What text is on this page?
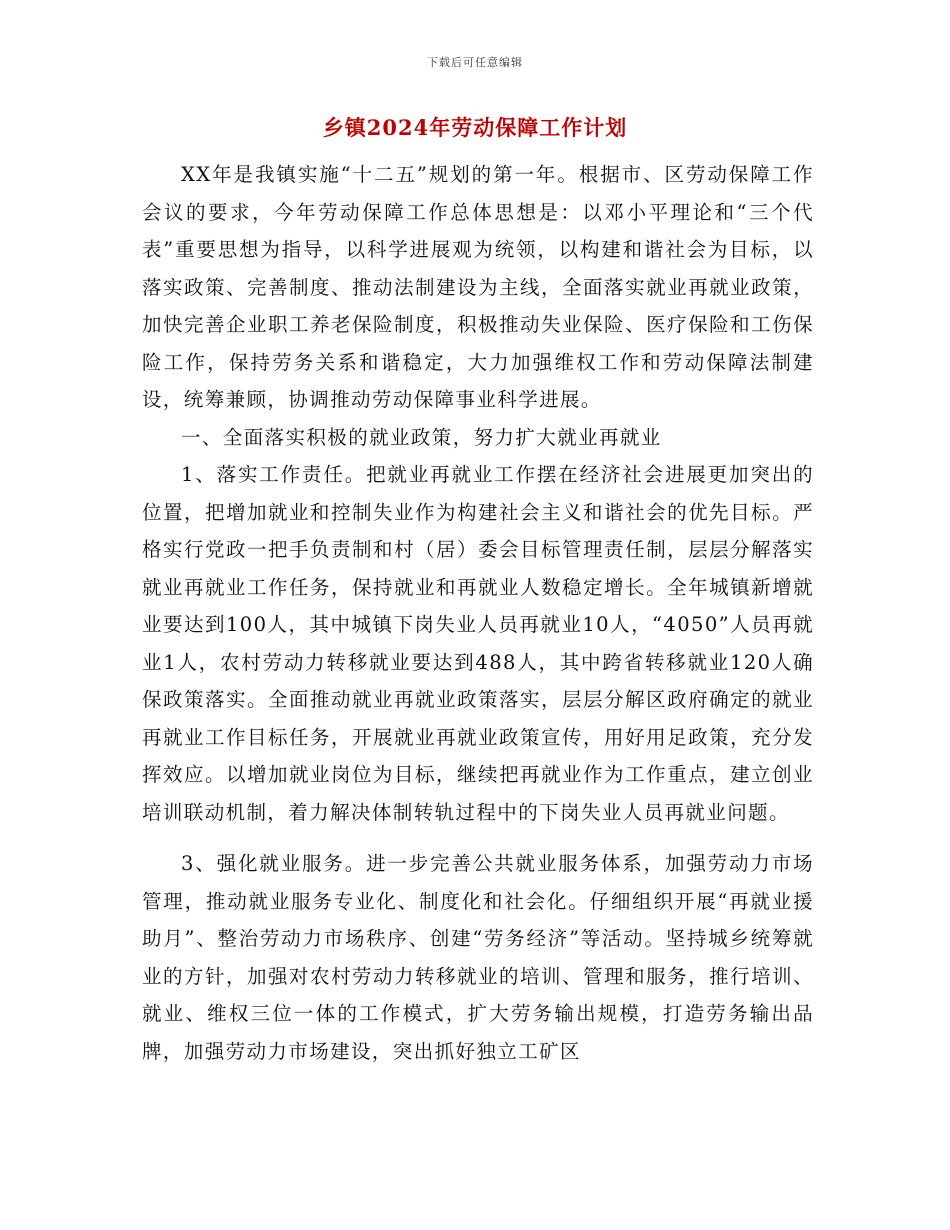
下载后可任意编辑
乡镇2024年劳动保障工作计划

XX年是我镇实施“十二五”规划的第一年。根据市、区劳动保障工作会议的要求，今年劳动保障工作总体思想是：以邓小平理论和“三个代表”重要思想为指导，以科学进展观为统领，以构建和谐社会为目标，以落实政策、完善制度、推动法制建设为主线，全面落实就业再就业政策，加快完善企业职工养老保险制度，积极推动失业保险、医疗保险和工伤保险工作，保持劳务关系和谐稳定，大力加强维权工作和劳动保障法制建设，统筹兼顾，协调推动劳动保障事业科学进展。

一、全面落实积极的就业政策，努力扩大就业再就业

1、落实工作责任。把就业再就业工作摆在经济社会进展更加突出的位置，把增加就业和控制失业作为构建社会主义和谐社会的优先目标。严格实行党政一把手负责制和村（居）委会目标管理责任制，层层分解落实就业再就业工作任务，保持就业和再就业人数稳定增长。全年城镇新增就业要达到100人，其中城镇下岗失业人员再就业10人，“4050”人员再就业1人，农村劳动力转移就业要达到488人，其中跨省转移就业120人确保政策落实。全面推动就业再就业政策落实，层层分解区政府确定的就业再就业工作目标任务，开展就业再就业政策宣传，用好用足政策，充分发挥效应。以增加就业岗位为目标，继续把再就业作为工作重点，建立创业培训联动机制，着力解决体制转轨过程中的下岗失业人员再就业问题。

3、强化就业服务。进一步完善公共就业服务体系，加强劳动力市场管理，推动就业服务专业化、制度化和社会化。仔细组织开展“再就业援助月”、整治劳动力市场秩序、创建“劳务经济”等活动。坚持城乡统筹就业的方针，加强对农村劳动力转移就业的培训、管理和服务，推行培训、就业、维权三位一体的工作模式，扩大劳务输出规模，打造劳务输出品牌，加强劳动力市场建设，突出抓好独立工矿区
